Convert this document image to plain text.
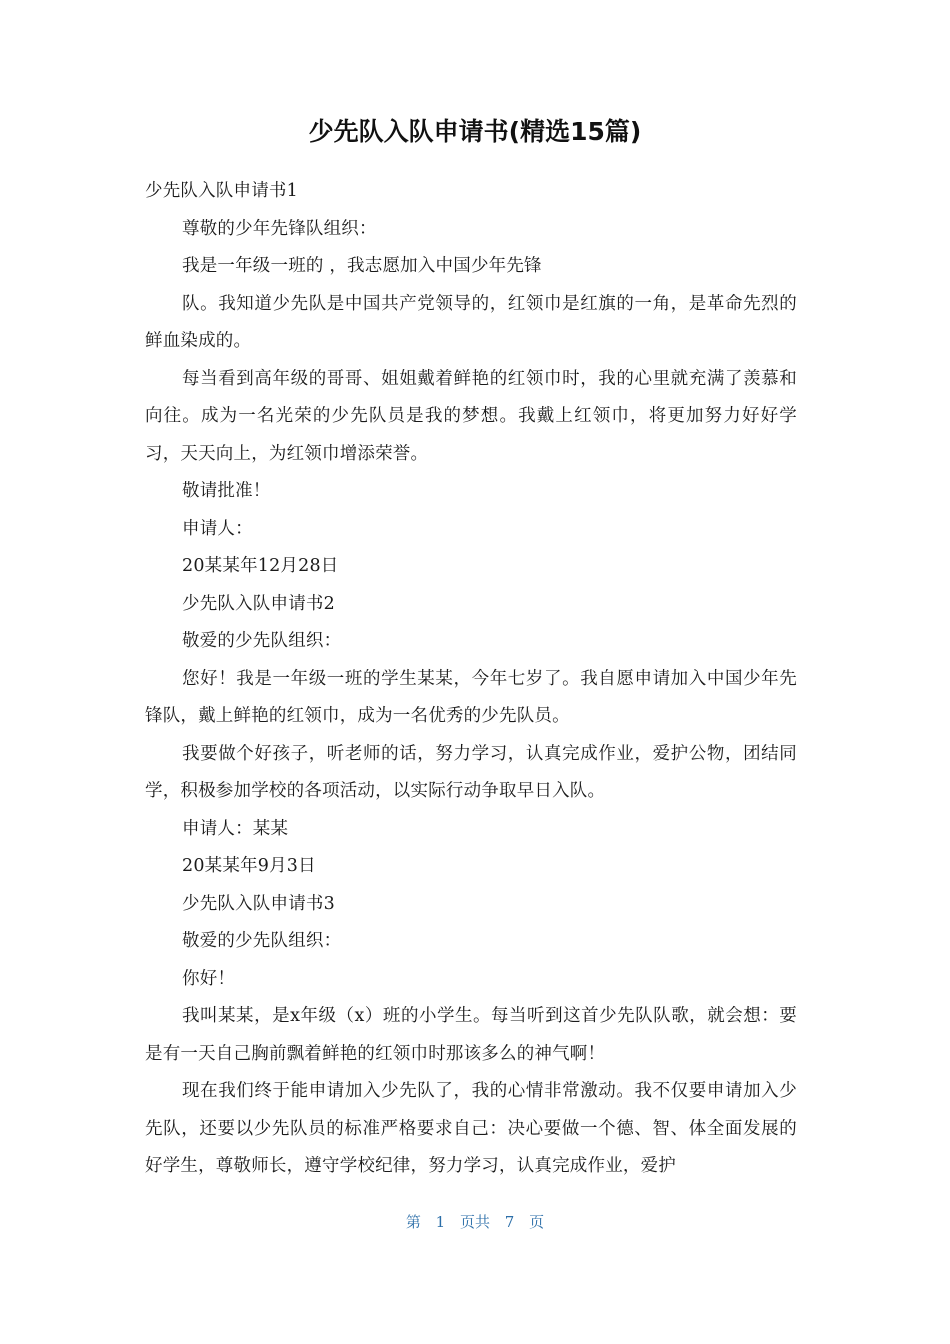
少先队入队申请书(精选15篇)

少先队入队申请书1

尊敬的少年先锋队组织：

我是一年级一班的 ，我志愿加入中国少年先锋

队。我知道少先队是中国共产党领导的，红领巾是红旗的一角，是革命先烈的鲜血染成的。

每当看到高年级的哥哥、姐姐戴着鲜艳的红领巾时，我的心里就充满了羡慕和向往。成为一名光荣的少先队员是我的梦想。我戴上红领巾，将更加努力好好学习，天天向上，为红领巾增添荣誉。

敬请批准！

申请人：

20某某年12月28日

少先队入队申请书2

敬爱的少先队组织：

您好！我是一年级一班的学生某某，今年七岁了。我自愿申请加入中国少年先锋队，戴上鲜艳的红领巾，成为一名优秀的少先队员。

我要做个好孩子，听老师的话，努力学习，认真完成作业，爱护公物，团结同学，积极参加学校的各项活动，以实际行动争取早日入队。

申请人：某某

20某某年9月3日

少先队入队申请书3

敬爱的少先队组织：

你好！

我叫某某，是x年级（x）班的小学生。每当听到这首少先队队歌，就会想：要是有一天自己胸前飘着鲜艳的红领巾时那该多么的神气啊！

现在我们终于能申请加入少先队了，我的心情非常激动。我不仅要申请加入少先队，还要以少先队员的标准严格要求自己：决心要做一个德、智、体全面发展的好学生，尊敬师长，遵守学校纪律，努力学习，认真完成作业，爱护

第 1 页共 7 页
